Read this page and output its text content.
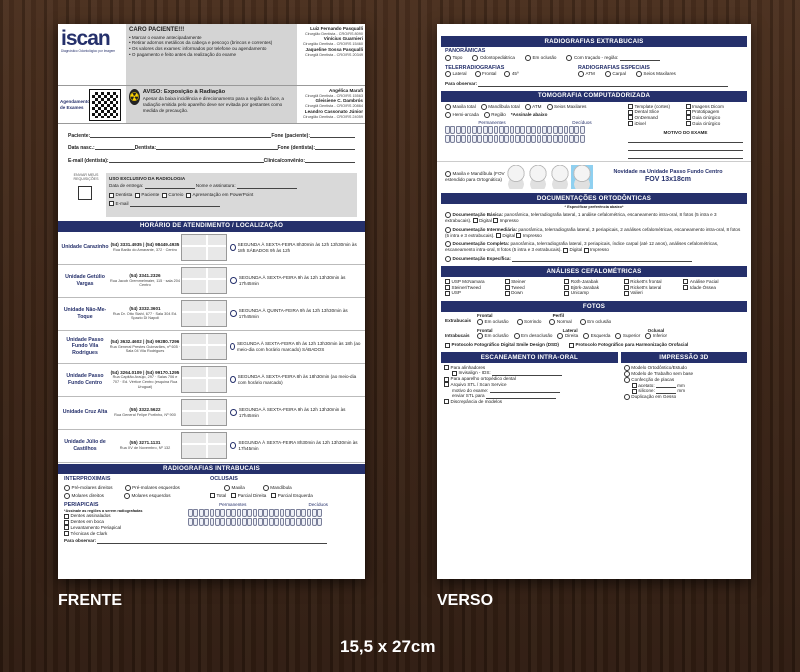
iscan
Diagnóstico Odontológico por Imagem
CARO PACIENTE!!!
• Marcar o exame antecipadamente
• Retirar adornos metálicos da cabeça e pescoço (brincos e correntes)
• Os valores dos exames: informados por telefone ou agendamento
• O pagamento e feito antes da realização do exame
Luiz Fernando Pasqualli
Cirurgião Dentista - CRO/RS 8090
Vinícius Guarnieri
Cirurgião Dentista - CRO/RS 15460
Jaqueline Sossa Pasqualli
Cirurgiã Dentista - CRO/RS 20349
Agendamento de Exames
☢ AVISO: Exposição à Radiação
Apesar da baixa incidência e direcionamento para a região da face, a radiação emitida pelo aparelho deve ser evitada por gestantes como medida de precaução.
Angélica Marafi
Cirurgiã Dentista - CRO/RS 15563
Gleisiene C. Dambrós
Cirurgiã Dentista - CRO/RS 20864
Leandro Cassonato Júnior
Cirurgião Dentista - CRO/RS 24059
Paciente:	Fone (paciente):
Data nasc.:	Dentista:	Fone (dentista):
E-mail (dentista):	Clínica/convênio:
ENVIAR MEUS REQUISIÇÕES	USO EXCLUSIVO DA RADIOLOGIA
Data de entrega:	Nome e assinatura:
Dentista Paciente Correio Apresentação em PowerPoint
E-mail
HORÁRIO DE ATENDIMENTO / LOCALIZAÇÃO
Unidade Carazinho (54) 3331.4935 | (54) 98449.4935
Rua Barão do Amarante, 372 · Centro
SEGUNDA À SEXTA-FEIRA 8h30min às 12h 13h30min às 18h SÁBADOS 9h às 12h
Unidade Getúlio Vargas
(54) 3341.2326
Rua Jacob Gremmelmaier, 115 · sala 204 Centro
SEGUNDA À SEXTA-FEIRA 9h às 12h 13h30min às 17h45min
Unidade Não-Me-Toque
(54) 3332.3601
Rua Dr. Otto Stahl, 677 · Sala 304 Ed. Spazio Di Napoli
SEGUNDA À QUINTA-FEIRA 9h às 12h 13h30min às 17h45min
Unidade Passo Fundo Vila Rodrigues
(54) 3632.4602 | (54) 99280.7296
Rua General Prestes Guimarães, nº 605 · Sala 04 Vila Rodrigues
SEGUNDA À SEXTA-FEIRA 8h às 12h 13h30min às 18h (ao meio-dia com horário marcado) SÁBADOS
Unidade Passo Fundo Centro
(54) 3264.0109 | (54) 99170.1295
Rua Capitão Araújo, 297 · Salas 706 e 707 · Ed. Vértice Centro (esquina Rua Uruguai)
SEGUNDA À SEXTA-FEIRA 8h às 18h30min (ao meio-dia com horário marcado)
Unidade Cruz Alta	(55) 3322.5622
Rua General Felipe Portinho, Nº 900
SEGUNDA À SEXTA-FEIRA 9h às 12h 13h30min às 17h45min
Unidade Júlio de Castilhos
(55) 3271.1131
Rua XV de Novembro, Nº 132
SEGUNDA À SEXTA-FEIRA 8h30min às 12h 13h30min às 17h45min
RADIOGRAFIAS INTRABUCAIS
INTERPROXIMAIS
Pré-molares direitos	Pré-molares esquerdos
Molares direitos	Molares esquerdos
OCLUSAIS
Maxila	Mandíbula
Total	Parcial Direita	Parcial Esquerda
PERIAPICAIS
*Assinale as regiões a serem radiografadas
Dentes assinalados
Dentes em boca
Levantamento Periapical
Técnicas de Clark
Permanentes	Decíduos
Para observar:
RADIOGRAFIAS EXTRABUCAIS
PANORÂMICAS
Topo	Odontopediátrica	Em oclusão	Com traçado - região:
TELERRADIOGRAFIAS
Lateral	Frontal	45º
RADIOGRAFIAS ESPECIAIS
ATM	Carpal	Seios Maxilares
Para observar:
TOMOGRAFIA COMPUTADORIZADA
Maxila total	Mandíbula total	ATM	Seios Maxilares
Hemi-arcada	Região *Assinale abaixo
Permanentes	Decíduos
Template (cortes)	Imagens Dicom
Dental Slice	Prototipagem
OnDemand	Guia cirúrgico
iDixel	Guia cirúrgico
MOTIVO DO EXAME
Maxila e Mandíbula (FOV estendido para Ortognática)
Novidade na Unidade Passo Fundo Centro
FOV 13x18cm
DOCUMENTAÇÕES ORTODÔNTICAS
* Especificar preferência abaixo*
Documentação Básica: panorâmica, telerradiografia lateral, 1 análise cefalométrica, escaneamento intra-oral, 8 fotos (5 intra e 3 extrabucais). Digital Impresso
Documentação Intermediária: panorâmica, telerradiografia lateral, 3 periapicais, 2 análises cefalométricas, escaneamento intra-oral, 8 fotos (5 intra e 3 extrabucais). Digital Impresso
Documentação Completa: panorâmica, telerradiografia lateral, 3 periapicais, índice carpal (até 12 anos), análises cefalométricas, escaneamento intra-oral, 8 fotos (5 intra e 3 extrabucais). Digital Impresso
Documentação Específica:
ANÁLISES CEFALOMÉTRICAS
USP McNamara	Steiner	Roth-Jarabak	Rickett's frontal	Análise Facial
Steiner/Tweed	Tweed	Björk-Jarabak	Rickett's lateral	Idade Óssea
USP	Down	Unicamp	Valieri
FOTOS
Extrabucais
Frontal	Perfil
Em oclusão	Sorrindo	Normal	Em oclusão
Intrabucais
Frontal	Lateral	Oclusal
Em oclusão	Em desoclusão	Direita	Esquerda	Superior	Inferior
Protocolo Fotográfico Digital Smile Design (DSD)	Protocolo Fotográfico para Harmonização Orofacial
ESCANEAMENTO INTRA-ORAL
Para alinhadores
Invisalign - IDS:
Para aparelho ortopédico dental
Arquivo STL / Scan Service
motivo do exame:
enviar STL para
Discrepância de modelos
IMPRESSÃO 3D
Modelo Ortodôntico/Estudo
Modelo de Trabalho sem base
Confecção de placas
acetato:	mm
silicone:	mm
Duplicação em Gesso
FRENTE	VERSO
15,5 x 27cm
